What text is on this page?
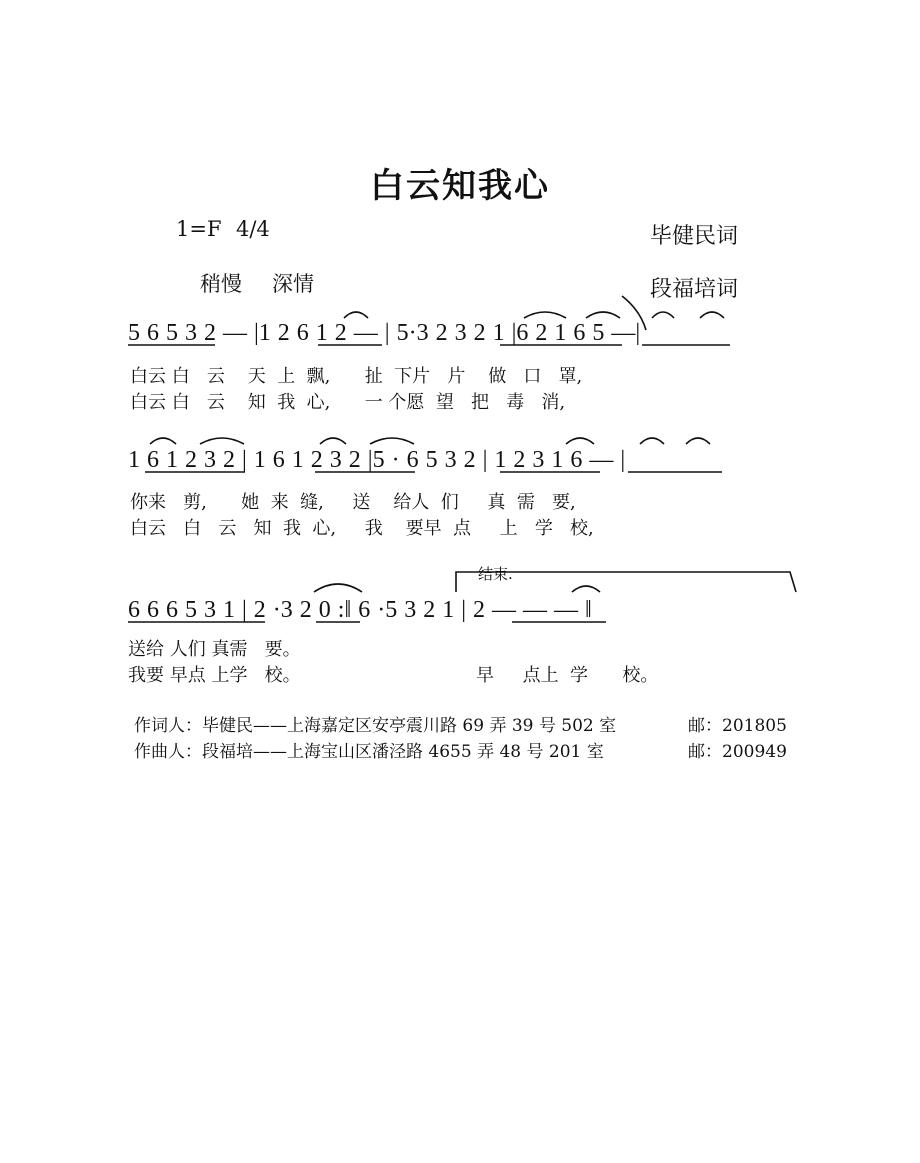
白云知我心
1=F 4/4
稍慢 深情
毕健民词
段福培词
5 6 5 3 2 — |1 2 6 1 2 — | 5·3 2 3 2 1 |6 2 1 6 5 —|
白云 白   云    天  上  飘,      扯  下片   片    做   口   罩,
白云 白   云    知  我  心,      一 个愿  望   把   毒   消,
1 6 1 2 3 2 | 1 6 1 2 3 2 |5 · 6 5 3 2 | 1 2 3 1 6 — |
你来   剪,      她  来  缝,     送    给人  们     真  需   要,
白云   白   云   知  我  心,     我    要早  点     上   学   校,
结束.
6 6 6 5 3 1 | 2 ·3 2 0 :‖ 6 ·5 3 2 1 | 2 — — — ‖
送给 人们 真需   要。
我要 早点 上学   校。	早     点上  学      校。
作词人：毕健民——上海嘉定区安亭震川路 69 弄 39 号 502 室	邮：201805
作曲人：段福培——上海宝山区潘泾路 4655 弄 48 号 201 室	邮：200949
